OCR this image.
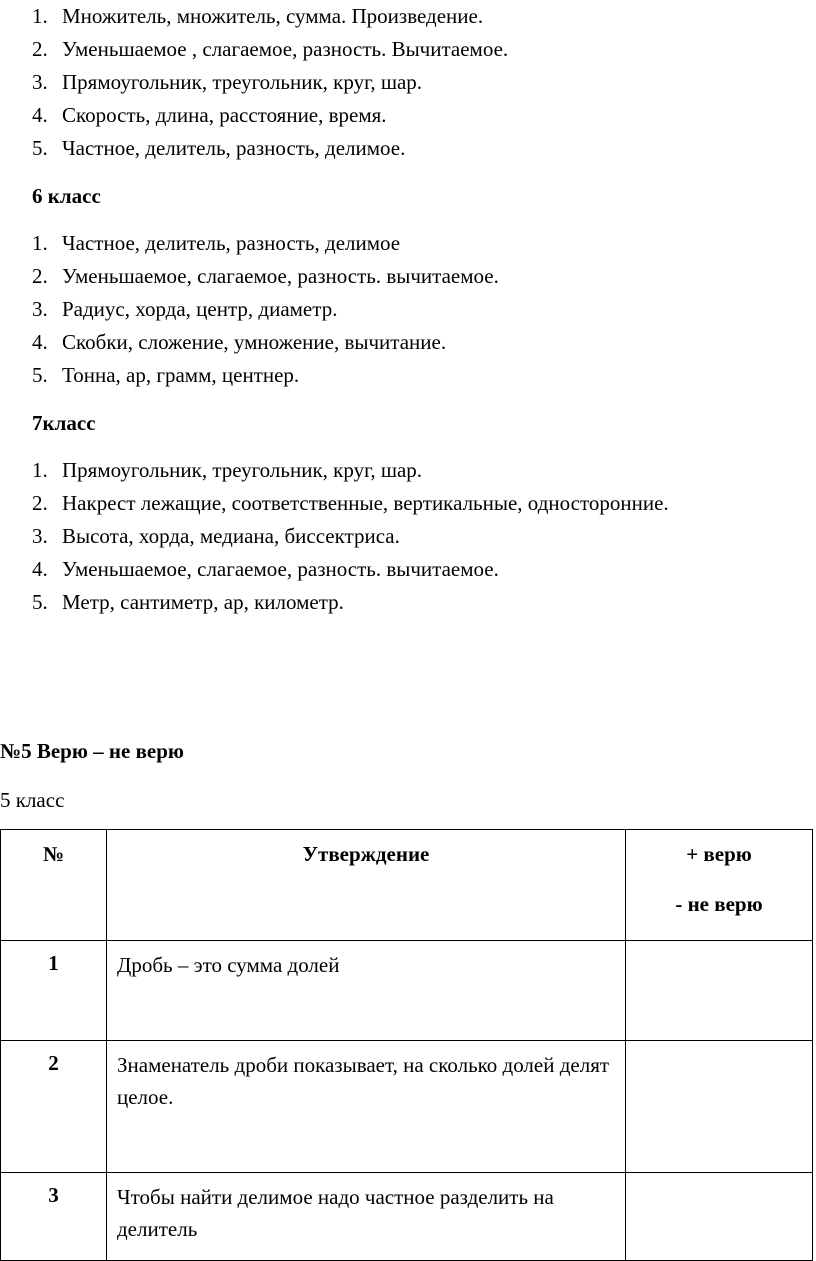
1. Множитель, множитель, сумма. Произведение.
2. Уменьшаемое , слагаемое, разность. Вычитаемое.
3. Прямоугольник, треугольник, круг, шар.
4. Скорость, длина, расстояние, время.
5. Частное, делитель, разность, делимое.
6 класс
1. Частное, делитель, разность, делимое
2. Уменьшаемое, слагаемое, разность. вычитаемое.
3. Радиус, хорда, центр, диаметр.
4. Скобки, сложение, умножение, вычитание.
5. Тонна, ар, грамм, центнер.
7класс
1. Прямоугольник, треугольник, круг, шар.
2. Накрест лежащие, соответственные, вертикальные, односторонние.
3. Высота, хорда, медиана, биссектриса.
4. Уменьшаемое, слагаемое, разность. вычитаемое.
5. Метр, сантиметр, ар, километр.
№5 Верю – не верю
5 класс
№	Утверждение	+ верю
- не верю

1	Дробь – это сумма долей	
2	Знаменатель дроби показывает, на сколько долей делят целое.	
3	Чтобы найти делимое надо частное разделить на делитель	
